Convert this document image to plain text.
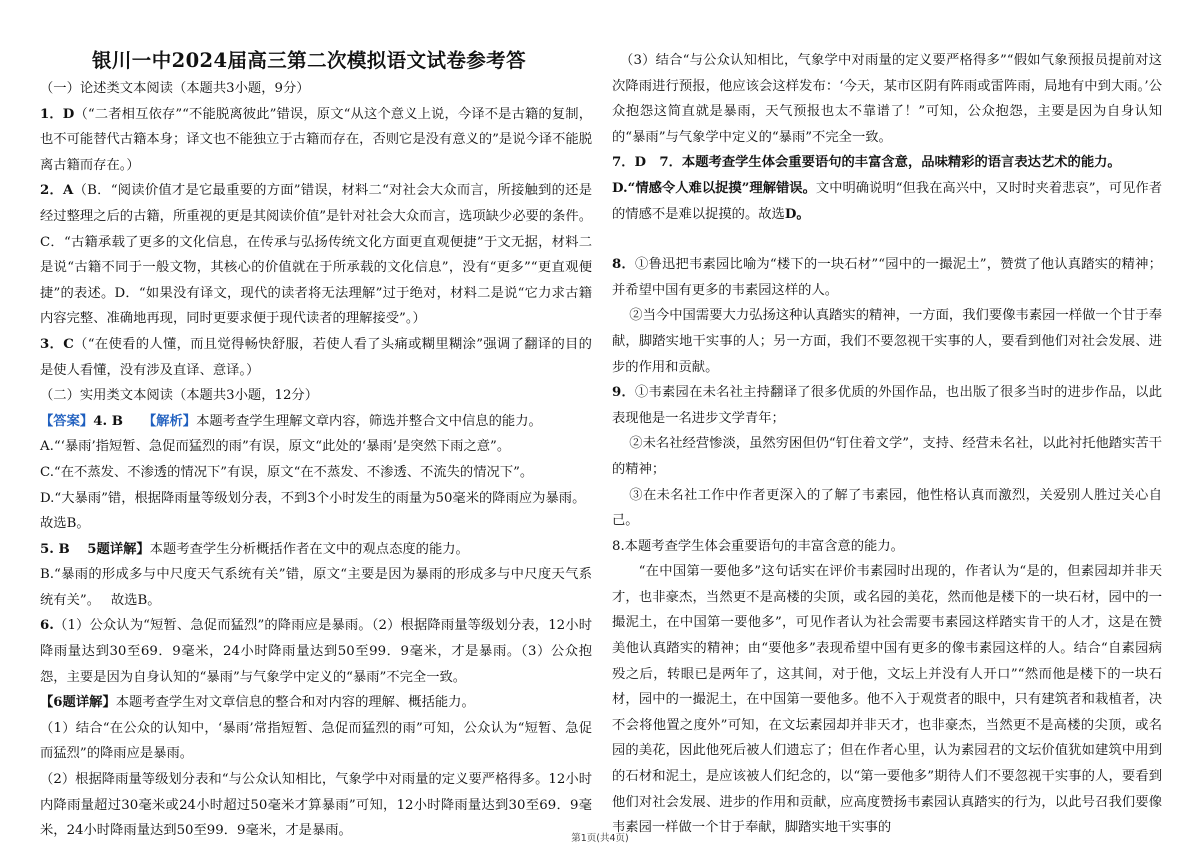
银川一中2024届高三第二次模拟语文试卷参考答

（一）论述类文本阅读（本题共3小题，9分）

1．D（“二者相互依存”“不能脱离彼此”错误，原文“从这个意义上说，今译不是古籍的复制，也不可能替代古籍本身；译文也不能独立于古籍而存在，否则它是没有意义的”是说今译不能脱离古籍而存在。）

2．A（B．“阅读价值才是它最重要的方面”错误，材料二“对社会大众而言，所接触到的还是经过整理之后的古籍，所重视的更是其阅读价值”是针对社会大众而言，选项缺少必要的条件。C．“古籍承载了更多的文化信息，在传承与弘扬传统文化方面更直观便捷”于文无据，材料二是说“古籍不同于一般文物，其核心的价值就在于所承载的文化信息”，没有“更多”“更直观便捷”的表述。D．“如果没有译文，现代的读者将无法理解”过于绝对，材料二是说“它力求古籍内容完整、准确地再现，同时更要求便于现代读者的理解接受”。）

3．C（“在使看的人懂，而且觉得畅快舒服，若使人看了头痛或糊里糊涂”强调了翻译的目的是使人看懂，没有涉及直译、意译。）

（二）实用类文本阅读（本题共3小题，12分）

【答案】4. B　　 【解析】本题考查学生理解文章内容，筛选并整合文中信息的能力。

A.“‘暴雨’指短暂、急促而猛烈的雨”有误，原文“此处的‘暴雨’是突然下雨之意”。

C.“在不蒸发、不渗透的情况下”有误，原文“在不蒸发、不渗透、不流失的情况下”。

D.“大暴雨”错，根据降雨量等级划分表，不到3个小时发生的雨量为50毫米的降雨应为暴雨。　 故选B。

5. B　 5题详解】本题考查学生分析概括作者在文中的观点态度的能力。

B.“暴雨的形成多与中尺度天气系统有关”错，原文“主要是因为暴雨的形成多与中尺度天气系统有关”。　 故选B。

6.（1）公众认为“短暂、急促而猛烈”的降雨应是暴雨。（2）根据降雨量等级划分表，12小时降雨量达到30至69．9毫米，24小时降雨量达到50至99．9毫米，才是暴雨。（3）公众抱怨，主要是因为自身认知的“暴雨”与气象学中定义的“暴雨”不完全一致。

【6题详解】本题考查学生对文章信息的整合和对内容的理解、概括能力。

（1）结合“在公众的认知中，‘暴雨’常指短暂、急促而猛烈的雨”可知，公众认为“短暂、急促而猛烈”的降雨应是暴雨。

（2）根据降雨量等级划分表和“与公众认知相比，气象学中对雨量的定义要严格得多。12小时内降雨量超过30毫米或24小时超过50毫米才算暴雨”可知，12小时降雨量达到30至69．9毫米，24小时降雨量达到50至99．9毫米，才是暴雨。

（3）结合“与公众认知相比，气象学中对雨量的定义要严格得多”“假如气象预报员提前对这次降雨进行预报，他应该会这样发布：‘今天，某市区阴有阵雨或雷阵雨，局地有中到大雨。’公众抱怨这简直就是暴雨，天气预报也太不靠谱了！”可知，公众抱怨，主要是因为自身认知的“暴雨”与气象学中定义的“暴雨”不完全一致。

7．D　7．本题考查学生体会重要语句的丰富含意，品味精彩的语言表达艺术的能力。

D.“情感令人难以捉摸”理解错误。文中明确说明“但我在高兴中，又时时夹着悲哀”，可见作者的情感不是难以捉摸的。故选D。

8．①鲁迅把韦素园比喻为“楼下的一块石材”“园中的一撮泥土”，赞赏了他认真踏实的精神；并希望中国有更多的韦素园这样的人。

②当今中国需要大力弘扬这种认真踏实的精神，一方面，我们要像韦素园一样做一个甘于奉献，脚踏实地干实事的人；另一方面，我们不要忽视干实事的人，要看到他们对社会发展、进步的作用和贡献。

9．①韦素园在未名社主持翻译了很多优质的外国作品，也出版了很多当时的进步作品，以此表现他是一名进步文学青年；

②未名社经营惨淡，虽然穷困但仍“钉住着文学”，支持、经营未名社，以此衬托他踏实苦干的精神；

③在未名社工作中作者更深入的了解了韦素园，他性格认真而激烈，关爱别人胜过关心自己。

8.本题考查学生体会重要语句的丰富含意的能力。

“在中国第一要他多”这句话实在评价韦素园时出现的，作者认为“是的，但素园却并非天才，也非豪杰，当然更不是高楼的尖顶，或名园的美花，然而他是楼下的一块石材，园中的一撮泥土，在中国第一要他多”，可见作者认为社会需要韦素园这样踏实肯干的人才，这是在赞美他认真踏实的精神；由“要他多”表现希望中国有更多的像韦素园这样的人。结合“自素园病殁之后，转眼已是两年了，这其间，对于他，文坛上并没有人开口”“然而他是楼下的一块石材，园中的一撮泥土，在中国第一要他多。他不入于观赏者的眼中，只有建筑者和栽植者，决不会将他置之度外”可知，在文坛素园却并非天才，也非豪杰，当然更不是高楼的尖顶，或名园的美花，因此他死后被人们遗忘了；但在作者心里，认为素园君的文坛价值犹如建筑中用到的石材和泥土，是应该被人们纪念的，以“第一要他多”期待人们不要忽视干实事的人，要看到他们对社会发展、进步的作用和贡献，应高度赞扬韦素园认真踏实的行为，以此号召我们要像韦素园一样做一个甘于奉献，脚踏实地干实事的

第1页(共4页)
